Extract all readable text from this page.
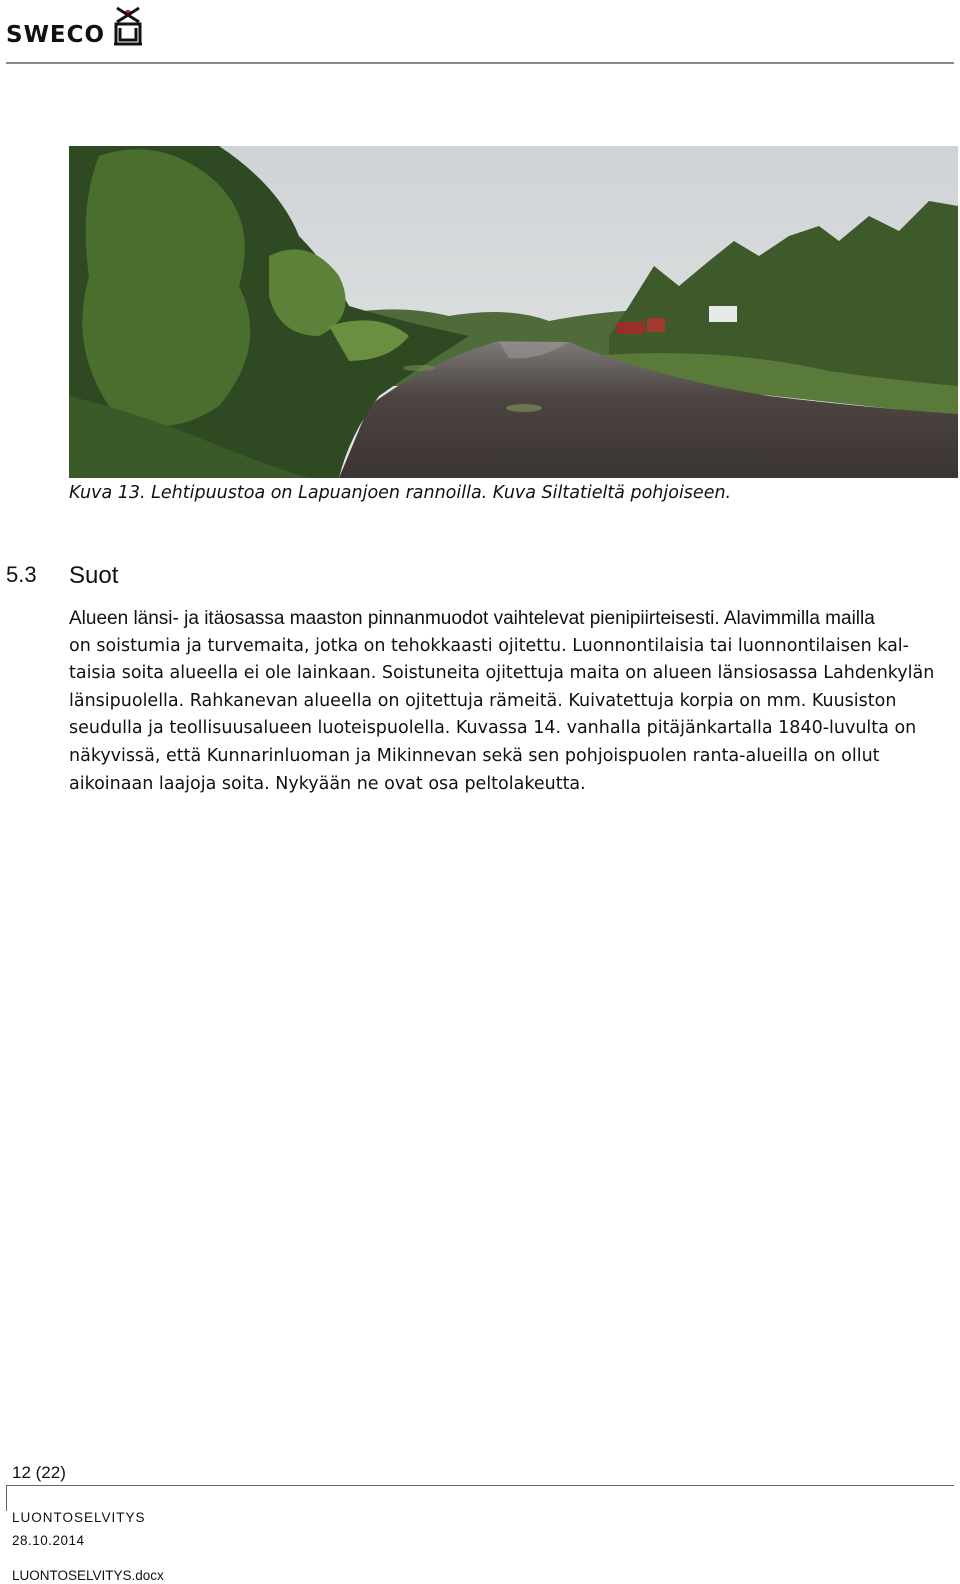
SWECO
Kuva 13. Lehtipuustoa on Lapuanjoen rannoilla. Kuva Siltatieltä pohjoiseen.
5.3 Suot
Alueen länsi- ja itäosassa maaston pinnanmuodot vaihtelevat pienipiirteisesti. Alavimmilla mailla
on soistumia ja turvemaita, jotka on tehokkaasti ojitettu. Luonnontilaisia tai luonnontilaisen kal-
taisia soita alueella ei ole lainkaan. Soistuneita ojitettuja maita on alueen länsiosassa Lahdenkylän
länsipuolella. Rahkanevan alueella on ojitettuja rämeitä. Kuivatettuja korpia on mm. Kuusiston
seudulla ja teollisuusalueen luoteispuolella. Kuvassa 14. vanhalla pitäjänkartalla 1840-luvulta on
näkyvissä, että Kunnarinluoman ja Mikinnevan sekä sen pohjoispuolen ranta-alueilla on ollut
aikoinaan laajoja soita. Nykyään ne ovat osa peltolakeutta.
12 (22)
LUONTOSELVITYS
28.10.2014
LUONTOSELVITYS.docx
